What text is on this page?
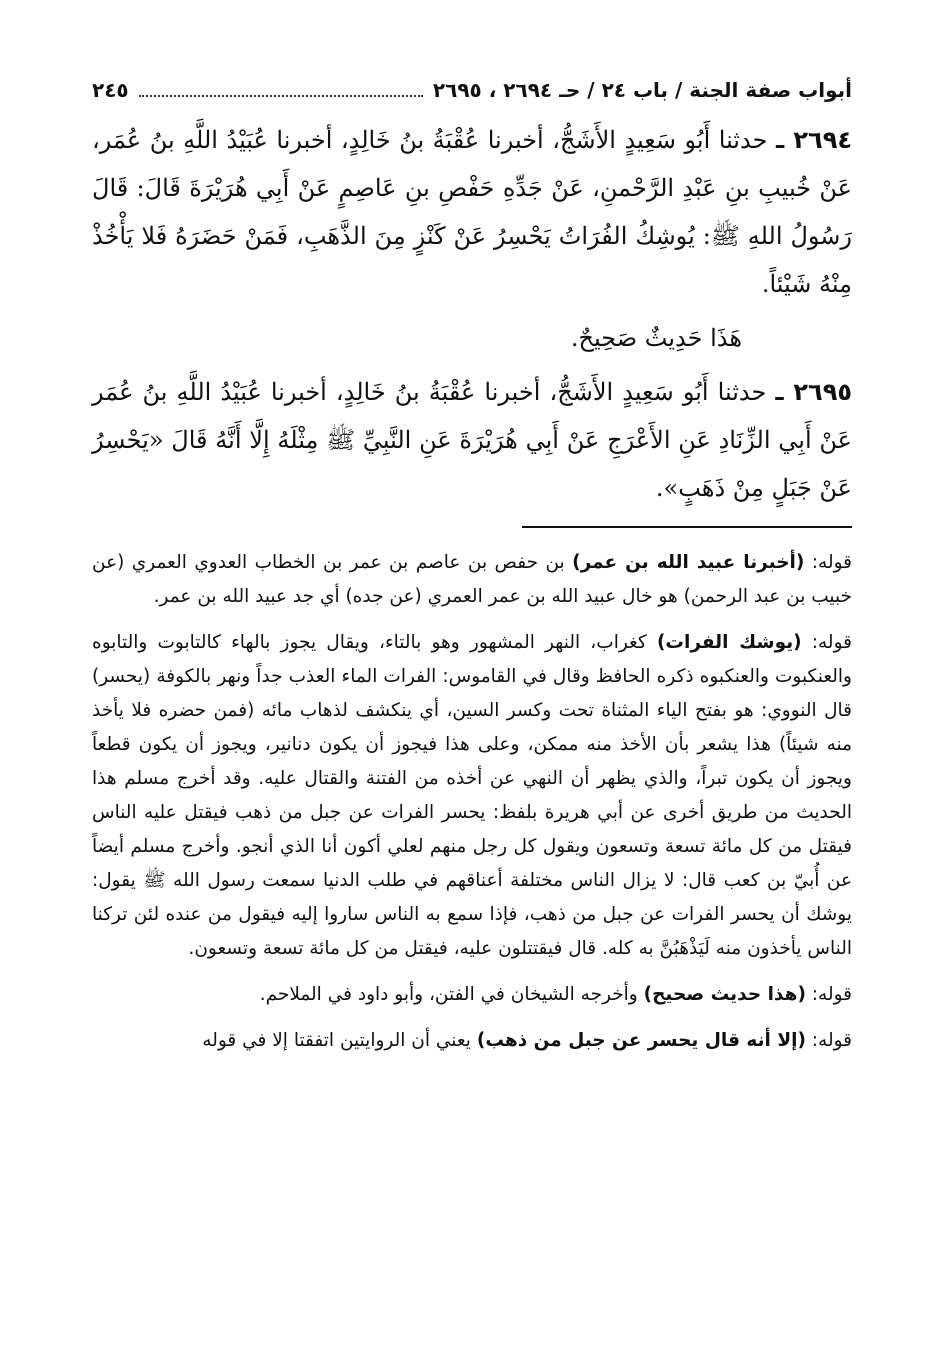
أبواب صفة الجنة / باب ٢٤ / حـ ٢٦٩٤ ، ٢٦٩٥
٢٤٥

٢٦٩٤ ـ حدثنا أَبُو سَعِيدٍ الأَشَجُّ، أخبرنا عُقْبَةُ بنُ خَالِدٍ، أخبرنا عُبَيْدُ اللَّهِ بنُ عُمَر، عَنْ خُبيبِ بنِ عَبْدِ الرَّحْمنِ، عَنْ جَدِّهِ حَفْصِ بنِ عَاصِمٍ عَنْ أَبِي هُرَيْرَةَ قَالَ: قَالَ رَسُولُ اللهِ ﷺ: يُوشِكُ الفُرَاتُ يَحْسِرُ عَنْ كَنْزٍ مِنَ الذَّهَبِ، فَمَنْ حَضَرَهُ فَلا يَأْخُذْ مِنْهُ شَيْئاً.

هَذَا حَدِيثٌ صَحِيحٌ.

٢٦٩٥ ـ حدثنا أَبُو سَعِيدٍ الأَشَجُّ، أخبرنا عُقْبَةُ بنُ خَالِدٍ، أخبرنا عُبَيْدُ اللَّهِ بنُ عُمَر عَنْ أَبِي الزِّنَادِ عَنِ الأَعْرَجِ عَنْ أَبِي هُرَيْرَةَ عَنِ النَّبِيِّ ﷺ مِثْلَهُ إِلَّا أَنَّهُ قَالَ «يَحْسِرُ عَنْ جَبَلٍ مِنْ ذَهَبٍ».

قوله: (أخبرنا عبيد الله بن عمر) بن حفص بن عاصم بن عمر بن الخطاب العدوي العمري (عن خبيب بن عبد الرحمن) هو خال عبيد الله بن عمر العمري (عن جده) أي جد عبيد الله بن عمر.

قوله: (يوشك الفرات) كغراب، النهر المشهور وهو بالتاء، ويقال يجوز بالهاء كالتابوت والتابوه والعنكبوت والعنكبوه ذكره الحافظ وقال في القاموس: الفرات الماء العذب جداً ونهر بالكوفة (يحسر) قال النووي: هو بفتح الياء المثناة تحت وكسر السين، أي ينكشف لذهاب مائه (فمن حضره فلا يأخذ منه شيئاً) هذا يشعر بأن الأخذ منه ممكن، وعلى هذا فيجوز أن يكون دنانير، ويجوز أن يكون قطعاً ويجوز أن يكون تبراً، والذي يظهر أن النهي عن أخذه من الفتنة والقتال عليه. وقد أخرج مسلم هذا الحديث من طريق أخرى عن أبي هريرة بلفظ: يحسر الفرات عن جبل من ذهب فيقتل عليه الناس فيقتل من كل مائة تسعة وتسعون ويقول كل رجل منهم لعلي أكون أنا الذي أنجو. وأخرج مسلم أيضاً عن أُبيّ بن كعب قال: لا يزال الناس مختلفة أعناقهم في طلب الدنيا سمعت رسول الله ﷺ يقول: يوشك أن يحسر الفرات عن جبل من ذهب، فإذا سمع به الناس ساروا إليه فيقول من عنده لئن تركنا الناس يأخذون منه لَيَذْهَبُنَّ به كله. قال فيقتتلون عليه، فيقتل من كل مائة تسعة وتسعون.

قوله: (هذا حديث صحيح) وأخرجه الشيخان في الفتن، وأبو داود في الملاحم.

قوله: (إلا أنه قال يحسر عن جبل من ذهب) يعني أن الروايتين اتفقتا إلا في قوله
